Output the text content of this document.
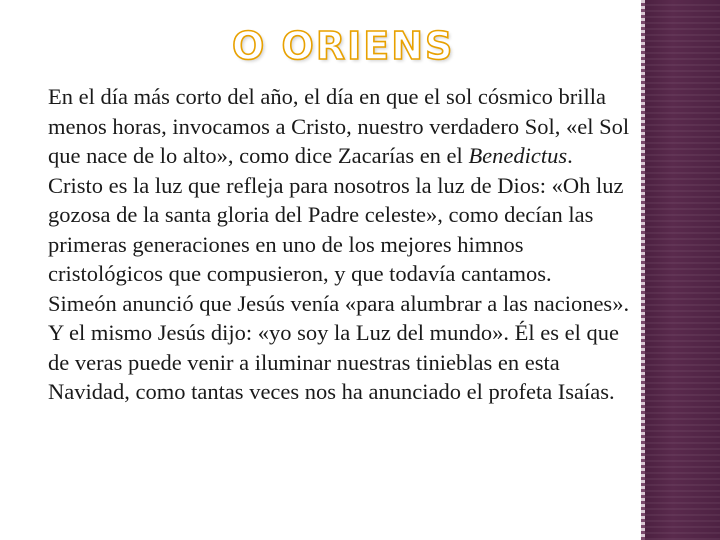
O ORIENS

En el día más corto del año, el día en que el sol cósmico brilla menos horas, invocamos a Cristo, nuestro verdadero Sol, «el Sol que nace de lo alto», como dice Zacarías en el Benedictus.

Cristo es la luz que refleja para nosotros la luz de Dios: «Oh luz gozosa de la santa gloria del Padre celeste», como decían las primeras generaciones en uno de los mejores himnos cristológicos que compusieron, y que todavía cantamos.

Simeón anunció que Jesús venía «para alumbrar a las naciones». Y el mismo Jesús dijo: «yo soy la Luz del mundo». Él es el que de veras puede venir a iluminar nuestras tinieblas en esta Navidad, como tantas veces nos ha anunciado el profeta Isaías.
